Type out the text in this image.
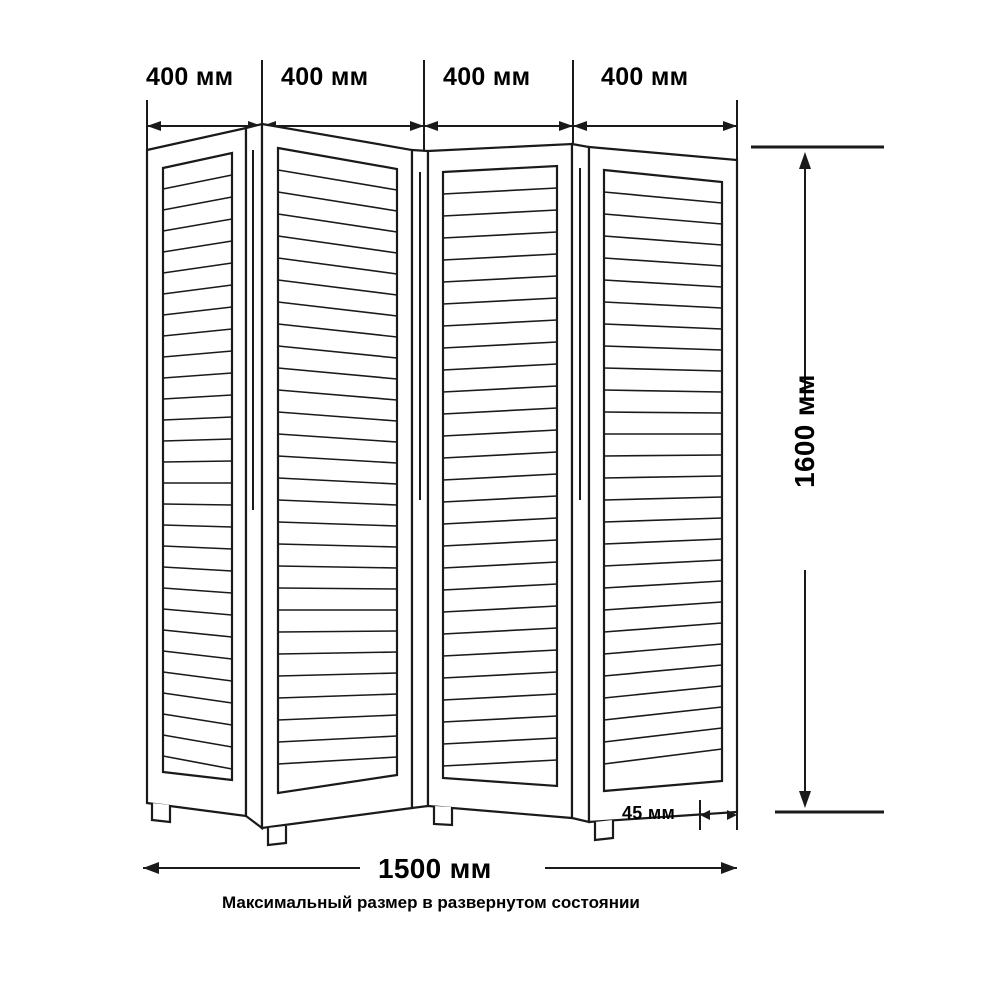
400 мм 400 мм	400 мм	400 мм
1600 мм
45 мм
1500 мм
Максимальный размер в развернутом состоянии
